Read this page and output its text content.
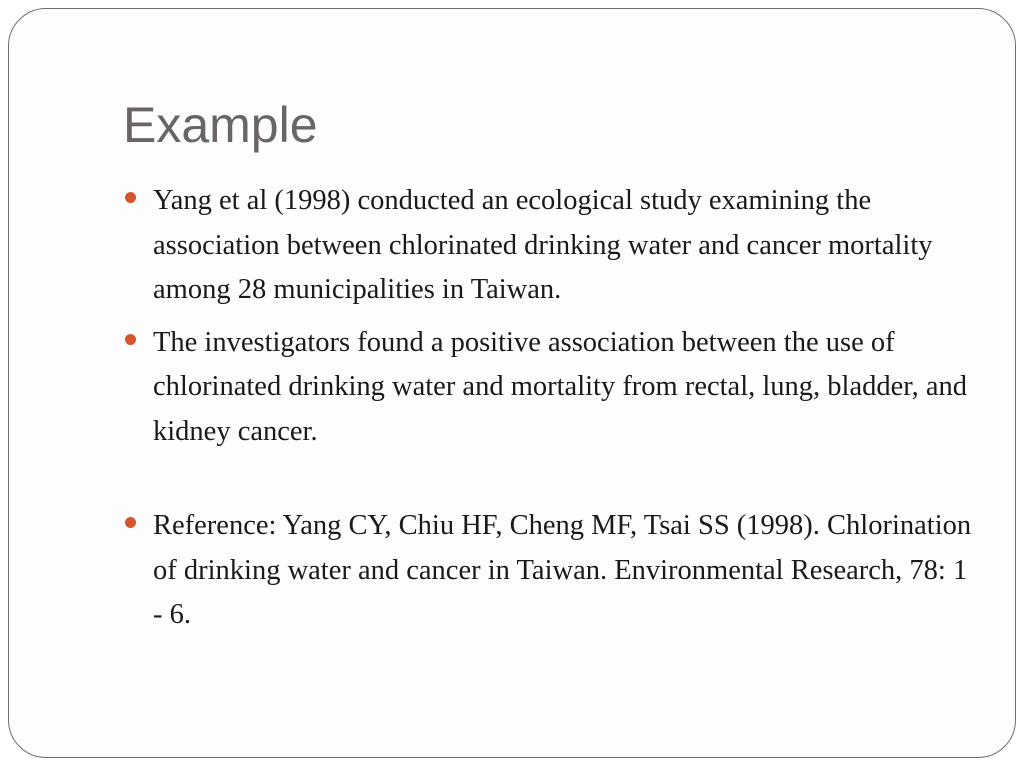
Example
Yang et al (1998) conducted an ecological study examining the association between chlorinated drinking water and cancer mortality among 28 municipalities in Taiwan.
The investigators found a positive association between the use of chlorinated drinking water and mortality from rectal, lung, bladder, and kidney cancer.
Reference: Yang CY, Chiu HF, Cheng MF, Tsai SS (1998). Chlorination of drinking water and cancer in Taiwan. Environmental Research, 78: 1 - 6.
